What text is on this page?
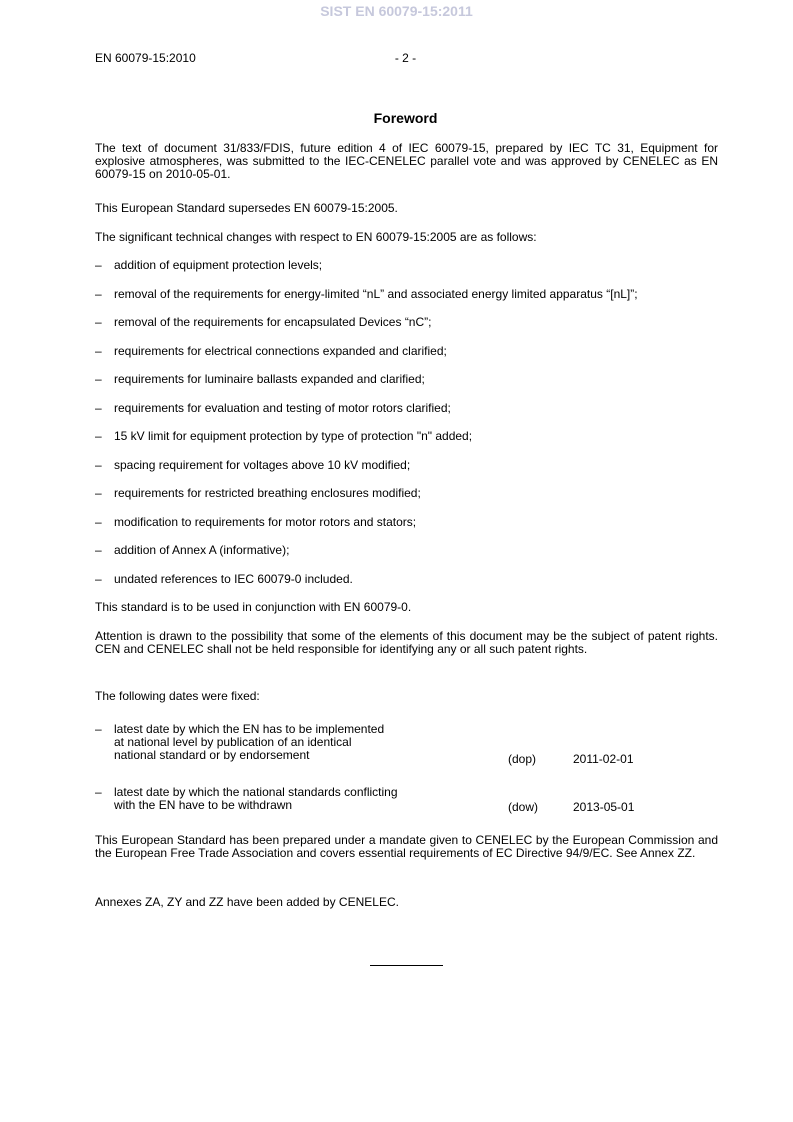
SIST EN 60079-15:2011
EN 60079-15:2010	- 2 -
Foreword
The text of document 31/833/FDIS, future edition 4 of IEC 60079-15, prepared by IEC TC 31, Equipment for explosive atmospheres, was submitted to the IEC-CENELEC parallel vote and was approved by CENELEC as EN 60079-15 on 2010-05-01.
This European Standard supersedes EN 60079-15:2005.
The significant technical changes with respect to EN 60079-15:2005 are as follows:
– addition of equipment protection levels;
– removal of the requirements for energy-limited “nL” and associated energy limited apparatus “[nL]”;
– removal of the requirements for encapsulated Devices “nC”;
– requirements for electrical connections expanded and clarified;
– requirements for luminaire ballasts expanded and clarified;
– requirements for evaluation and testing of motor rotors clarified;
– 15 kV limit for equipment protection by type of protection "n" added;
– spacing requirement for voltages above 10 kV modified;
– requirements for restricted breathing enclosures modified;
– modification to requirements for motor rotors and stators;
– addition of Annex A (informative);
– undated references to IEC 60079-0 included.
This standard is to be used in conjunction with EN 60079-0.
Attention is drawn to the possibility that some of the elements of this document may be the subject of patent rights. CEN and CENELEC shall not be held responsible for identifying any or all such patent rights.
The following dates were fixed:
– latest date by which the EN has to be implemented
at national level by publication of an identical
national standard or by endorsement	(dop)	2011-02-01
– latest date by which the national standards conflicting
with the EN have to be withdrawn	(dow)	2013-05-01
This European Standard has been prepared under a mandate given to CENELEC by the European Commission and the European Free Trade Association and covers essential requirements of EC Directive 94/9/EC. See Annex ZZ.
Annexes ZA, ZY and ZZ have been added by CENELEC.
